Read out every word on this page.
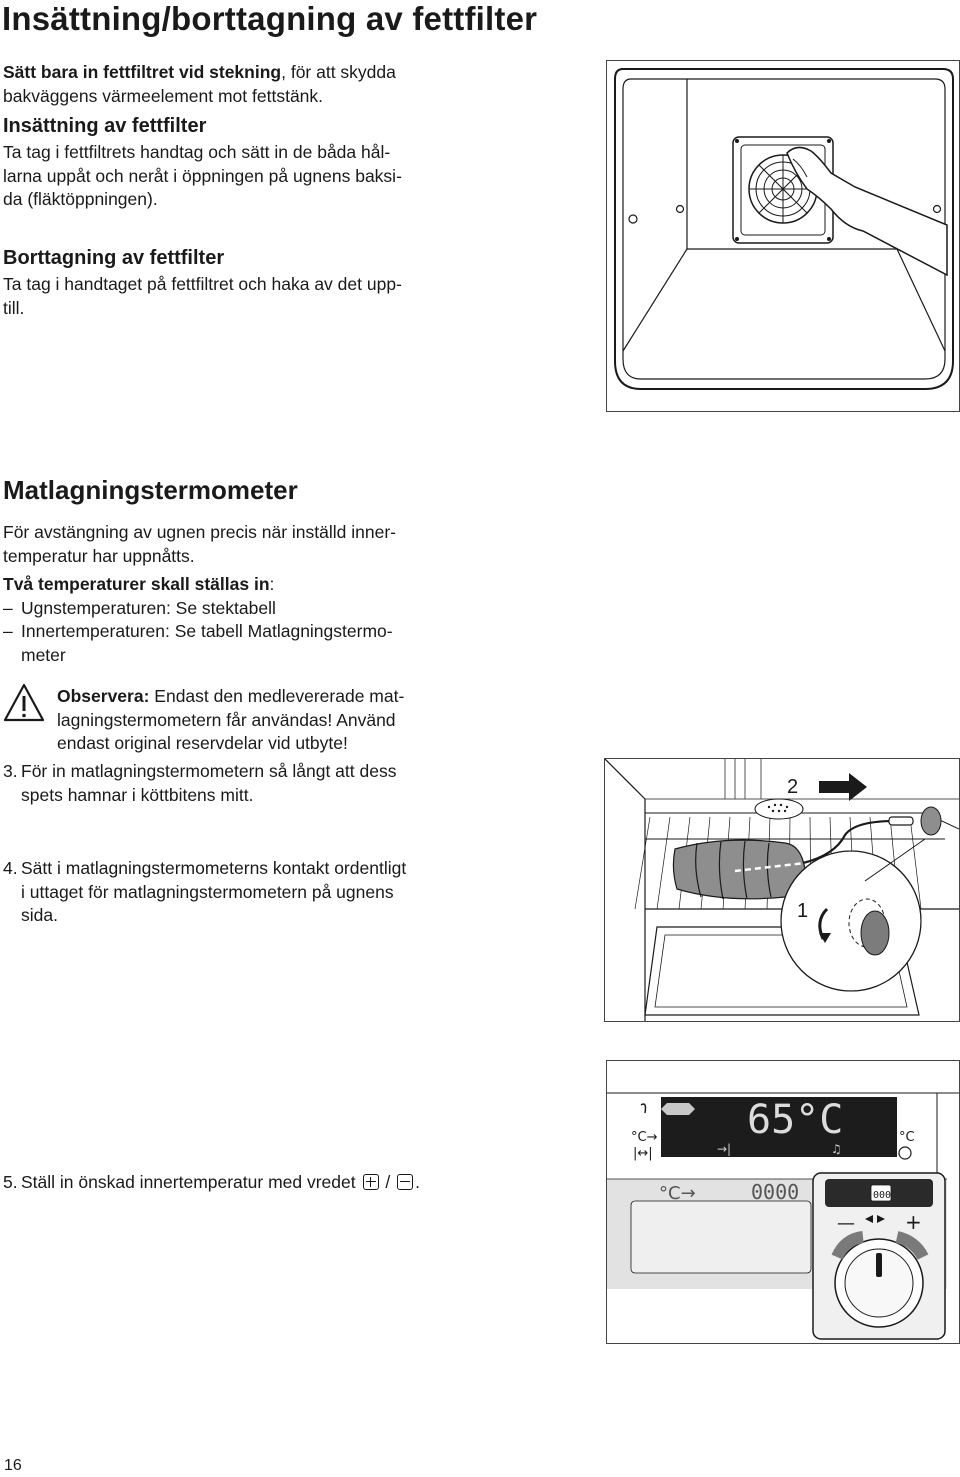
Insättning/borttagning av fettfilter
Sätt bara in fettfiltret vid stekning, för att skydda
bakväggens värmeelement mot fettstänk.
Insättning av fettfilter
Ta tag i fettfiltrets handtag och sätt in de båda hål-
larna uppåt och neråt i öppningen på ugnens baksi-
da (fläktöppningen).
Borttagning av fettfilter
Ta tag i handtaget på fettfiltret och haka av det upp-
till.
Matlagningstermometer
För avstängning av ugnen precis när inställd inner-
temperatur har uppnåtts.
Två temperaturer skall ställas in:
– Ugnstemperaturen: Se stektabell
– Innertemperaturen: Se tabell Matlagningstermo-
meter
Observera: Endast den medlevererade mat-
lagningstermometern får användas! Använd
endast original reservdelar vid utbyte!
3. För in matlagningstermometern så långt att dess
spets hamnar i köttbitens mitt.
4. Sätt i matlagningstermometerns kontakt ordentligt
i uttaget för matlagningstermometern på ugnens
sida.
2
1
5. Ställ in önskad innertemperatur med vredet / .
°C→
|↔|	→|	♫
65°C	°C
°C→	0000	000
—	+
16
